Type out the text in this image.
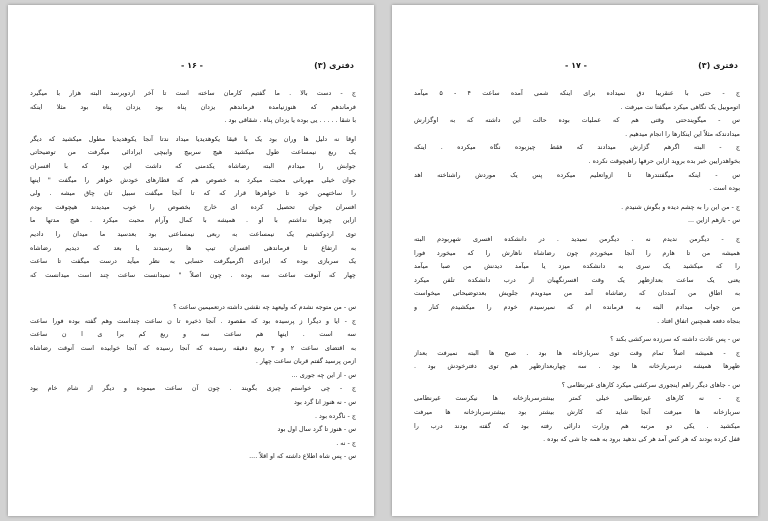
دفتری (۳)
- ۱۷ -
ج - حتی با عنقریبا دق نمیداده برای اینکه شمی آمده ساعت ۴ - ۵ میآمد
اتوموبیل یک نگاهی میکرد میگفتا نت میرفت .
س - میگویندحتی وقتی هم که عملیات بوده حالت این داشته که به اوگزارش
میدادندکه مثلاً این اینکارها را انجام میدهیم .
ج - البته اگرهم گزارش میدادند که فقط چیزبوده نگاه میکرده . اینکه
بخواهدرایین خبر بده بروید ازاین حرفها راهیچوقت نکرده .
س - اینکه میگفتندرها تا ازواتعلیم میکرده پس یک موردش راشناخته اهد
بوده است .
ج - من این را به چشم دیده و بگوش شنیدم .
س - بازهم ازاین ...
ج - دیگرمن ندیدم نه . دیگرمن نمیدید . در دانشکده افسری شهربودم البته
همیشه من تا هارم را آنجا میخوردم چون رضاشاه ناهارش را که میخورد فورا
را که میکشید یک سری به دانشکده میزد یا میآمد دیدنش من صبا میآمد
یعنی یک ساعت بعدازظهر یک وقت افسرنگهبان از درب دانشکده تلفن میکرد
به اطاق من آمددان که رضاشاه آمد من میدویدم جلویش بعدتوضیحاتی میخواست
من جواب میدادم البته به فرمانده ام که نمیرسیدم خودم را میکشیدم کنار و
بنجاه دفعه همچنین اتفاق افتاد .
س - پس عادت داشته که سرزده سرکشی بکند ؟
ج - همیشه اصلاً تمام وقت توی سربازخانه ها بود . صبح ها البته نمیرفت بعداز
ظهرها همیشه درسربازخانه ها بود . سه چهاربعدازظهر هم توی دفترخودش بود .
س - جاهای دیگر راهم اینجوری سرکشی میکرد کارهای غیرنظامی ؟
ج - نه کارهای غیرنظامی خیلی کمتر بیشترسربازخانه ها نیکرست غیرنظامی
سربازخانه ها میرفت آنجا شاید که کارش بیشتر بود بیشترسربازخانه ها میرفت
میکشید . یکی دو مرتبه هم وزارت دارائی رفته بود که گفته بودند درب را
قفل کرده بودند که هر کس آمد هر کی ندهید برود به همه جا شی که بوده .
دفتری (۳)
- ۱۶ -
ج - دست بالا . ما گفتیم کارمان ساخته است تا آخر اردوبرسد البته هزار با میگیرد
فرماندهم که هنوزنیامده فرماندهم یزدان پناه بود یزدان پناه بود مثلا اینکه
با شقا . . . . . یی بوده یا یزدان پناه . شقاقی بود .
اوقا نه دلیل ها وران بود یک با قیقا یکوهدیدیا میداد ندتا آنجا یکوهدیدیا مطول میکشید که دیگر
یک ربع نیمساعت طول میکشید هیچ سربیچ وابیچی ایرادائی میگرفت من توضیحاتی
جوابش را میدادم البته رضاشاه یکدمنی که داشت این بود که با افسران
جوان خیلی مهربانی محبت میکرد به خصوص هم که قطارهای خودش خواهر را میگفت " اینها
را ساختهمن خود تا خواهرها قرار که که تا آنجا میگفت سبیل تان چاق میشه . ولی
افسران جوان تحصیل کرده ای خارج بخصوص را خوب میدیدند هیچوقت بودم
ازاین چیزها نداشتم با او . همیشه با کمال وآرام محبت میکرد . هیچ مدتها ما
توی اردوکشیتم یک نیمساعت به ربعی نیمساعتی بود بعدسید ما میدان را دادیم
به ارتفاع تا فرماندهی افسران تیپ ها رسیدند یا بعد که دیدیم رضاشاه
یک سربازی بوده که ایرادی اگرمیگرفت حسابی به نظر میآید درست میگفت تا ساعت
چهار که آنوقت ساعت سه بوده . چون اصلاً " نمیدانست ساعت چند است میدانست که

س - من متوجه نشدم که ولیعهد چه نقشی داشته درتعمیمین ساعت ؟
ج - ایا و دیگرا ز پرسیده بود که مقصود . آنجا ذخیره تا ن ساعت چنداست وهم گفته بوده فورا ساعت
سه است . اینها هم ساعت سه و ربع کم برا ی ا ن ساعت
به اقتضای ساعت ۲ و ۳ ربیع دقیقه رسیده که آنجا رسیده که آنجا خوابیده است آنوقت رضاشاه
ازمن پرسید گفتم قربان ساعت چهار .
س - از این چه جوری ...
ج - چی خواستم چیزی بگویند . چون آن ساعت میموده و دیگر از شام خام بود
س - نه هنوز انا گرد بود
ج - ناگرده بود .
س - هنوز تا گرد سال اول بود
ج - نه .
س - پس شاه اطلاع داشته که او اقلاً ....
